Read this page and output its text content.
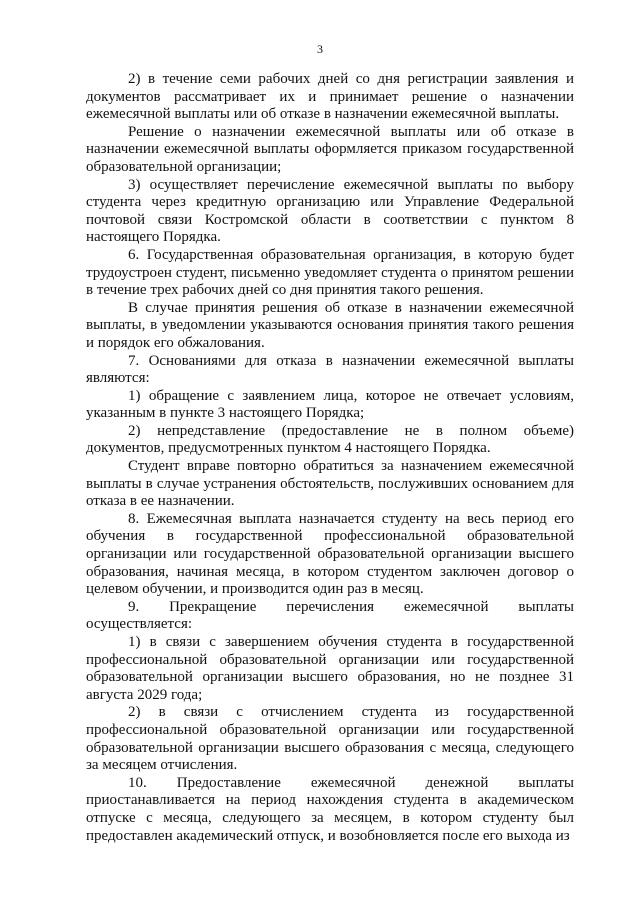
3

2) в течение семи рабочих дней со дня регистрации заявления и документов рассматривает их и принимает решение о назначении ежемесячной выплаты или об отказе в назначении ежемесячной выплаты.

Решение о назначении ежемесячной выплаты или об отказе в назначении ежемесячной выплаты оформляется приказом государственной образовательной организации;

3) осуществляет перечисление ежемесячной выплаты по выбору студента через кредитную организацию или Управление Федеральной почтовой связи Костромской области в соответствии с пунктом 8 настоящего Порядка.

6. Государственная образовательная организация, в которую будет трудоустроен студент, письменно уведомляет студента о принятом решении в течение трех рабочих дней со дня принятия такого решения.

В случае принятия решения об отказе в назначении ежемесячной выплаты, в уведомлении указываются основания принятия такого решения и порядок его обжалования.

7. Основаниями для отказа в назначении ежемесячной выплаты являются:

1) обращение с заявлением лица, которое не отвечает условиям, указанным в пункте 3 настоящего Порядка;

2) непредставление (предоставление не в полном объеме) документов, предусмотренных пунктом 4 настоящего Порядка.

Студент вправе повторно обратиться за назначением ежемесячной выплаты в случае устранения обстоятельств, послуживших основанием для отказа в ее назначении.

8. Ежемесячная выплата назначается студенту на весь период его обучения в государственной профессиональной образовательной организации или государственной образовательной организации высшего образования, начиная месяца, в котором студентом заключен договор о целевом обучении, и производится один раз в месяц.

9. Прекращение перечисления ежемесячной выплаты осуществляется:

1) в связи с завершением обучения студента в государственной профессиональной образовательной организации или государственной образовательной организации высшего образования, но не позднее 31 августа 2029 года;

2) в связи с отчислением студента из государственной профессиональной образовательной организации или государственной образовательной организации высшего образования с месяца, следующего за месяцем отчисления.

10. Предоставление ежемесячной денежной выплаты приостанавливается на период нахождения студента в академическом отпуске с месяца, следующего за месяцем, в котором студенту был предоставлен академический отпуск, и возобновляется после его выхода из
